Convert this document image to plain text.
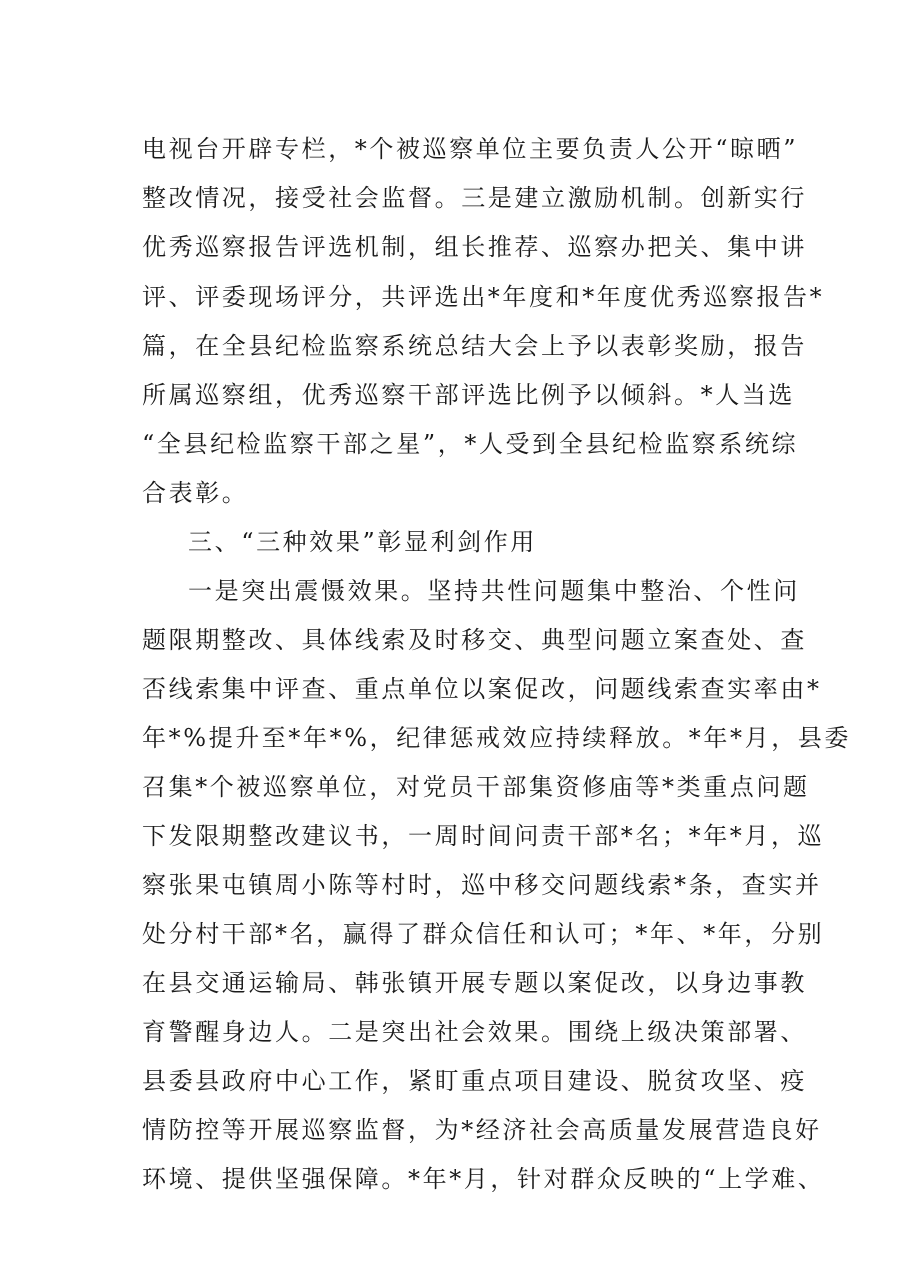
电视台开辟专栏，*个被巡察单位主要负责人公开“晾晒”
整改情况，接受社会监督。三是建立激励机制。创新实行
优秀巡察报告评选机制，组长推荐、巡察办把关、集中讲
评、评委现场评分，共评选出*年度和*年度优秀巡察报告*
篇，在全县纪检监察系统总结大会上予以表彰奖励，报告
所属巡察组，优秀巡察干部评选比例予以倾斜。*人当选
“全县纪检监察干部之星”，*人受到全县纪检监察系统综
合表彰。
三、“三种效果”彰显利剑作用
一是突出震慑效果。坚持共性问题集中整治、个性问
题限期整改、具体线索及时移交、典型问题立案查处、查
否线索集中评查、重点单位以案促改，问题线索查实率由*
年*%提升至*年*%，纪律惩戒效应持续释放。*年*月，县委
召集*个被巡察单位，对党员干部集资修庙等*类重点问题
下发限期整改建议书，一周时间问责干部*名；*年*月，巡
察张果屯镇周小陈等村时，巡中移交问题线索*条，查实并
处分村干部*名，赢得了群众信任和认可；*年、*年，分别
在县交通运输局、韩张镇开展专题以案促改，以身边事教
育警醒身边人。二是突出社会效果。围绕上级决策部署、
县委县政府中心工作，紧盯重点项目建设、脱贫攻坚、疫
情防控等开展巡察监督，为*经济社会高质量发展营造良好
环境、提供坚强保障。*年*月，针对群众反映的“上学难、
